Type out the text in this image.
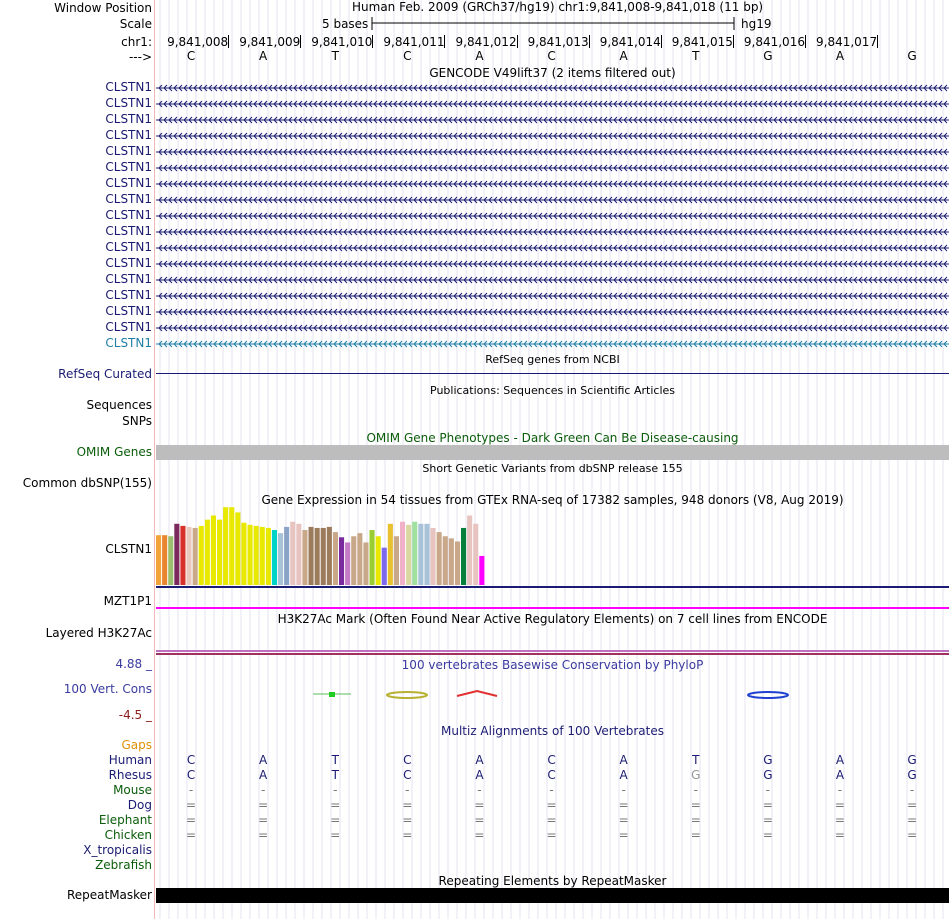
Window Position	Human Feb. 2009 (GRCh37/hg19) chr1:9,841,008-9,841,018 (11 bp)
Scale	5 bases	hg19
chr1: 9,841,008 9,841,009 9,841,010 9,841,011 9,841,012 9,841,013 9,841,014 9,841,015 9,841,016 9,841,017
--->	C	A	T	C	A	C	A	T	G	A	G
GENCODE V49lift37 (2 items filtered out)
CLSTN1
CLSTN1
CLSTN1
CLSTN1
CLSTN1
CLSTN1
CLSTN1
CLSTN1
CLSTN1
CLSTN1
CLSTN1
CLSTN1
CLSTN1
CLSTN1
CLSTN1
CLSTN1
CLSTN1
RefSeq genes from NCBI
RefSeq Curated
Publications: Sequences in Scientific Articles
Sequences
SNPs
OMIM Gene Phenotypes - Dark Green Can Be Disease-causing
OMIM Genes
Short Genetic Variants from dbSNP release 155
Common dbSNP(155)
Gene Expression in 54 tissues from GTEx RNA-seq of 17382 samples, 948 donors (V8, Aug 2019)
CLSTN1
MZT1P1
H3K27Ac Mark (Often Found Near Active Regulatory Elements) on 7 cell lines from ENCODE
Layered H3K27Ac
4.88 _	100 vertebrates Basewise Conservation by PhyloP
100 Vert. Cons
-4.5 _
Multiz Alignments of 100 Vertebrates
Gaps
Human	C	A	T	C	A	C	A	T	G	A	G
Rhesus	C	A	T	C	A	C	A	G	G	A	G
Mouse	-	-	-	-	-	-	-	-	-	-	-
Dog	=	=	=	=	=	=	=	=	=	=	=
Elephant	=	=	=	=	=	=	=	=	=	=	=
Chicken	=	=	=	=	=	=	=	=	=	=	=
X_tropicalis
Zebrafish
Repeating Elements by RepeatMasker
RepeatMasker
